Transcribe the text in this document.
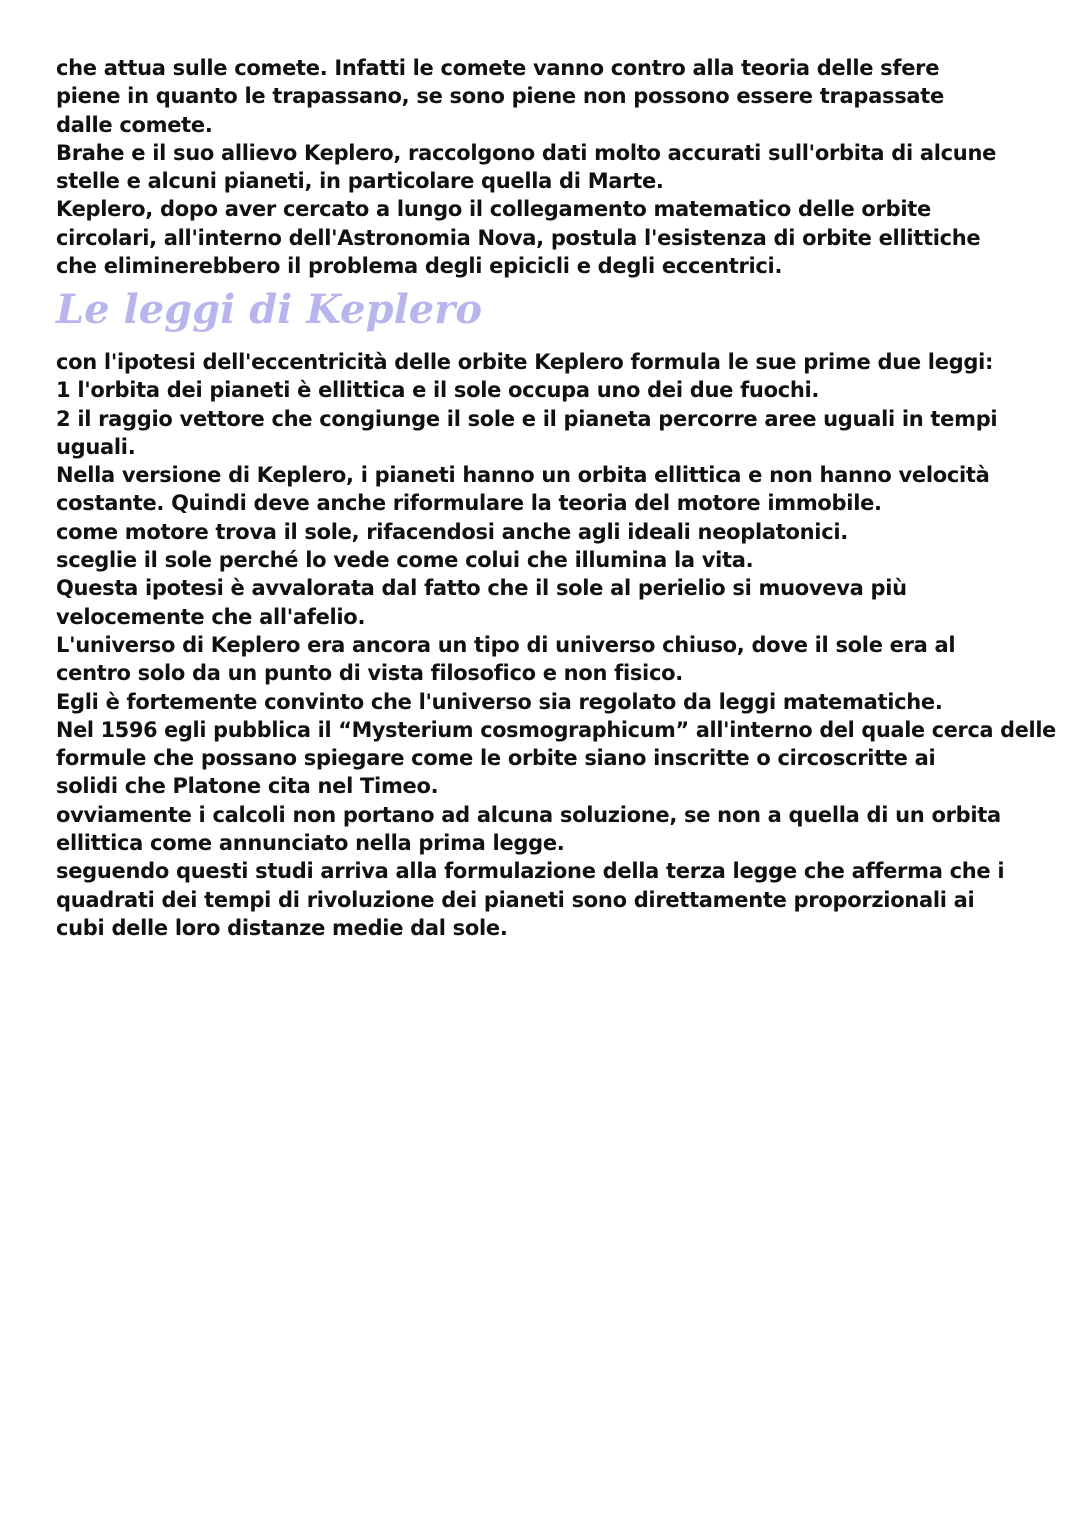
che attua sulle comete. Infatti le comete vanno contro alla teoria delle sfere
piene in quanto le trapassano, se sono piene non possono essere trapassate
dalle comete.
Brahe e il suo allievo Keplero, raccolgono dati molto accurati sull'orbita di alcune
stelle e alcuni pianeti, in particolare quella di Marte.
Keplero, dopo aver cercato a lungo il collegamento matematico delle orbite
circolari, all'interno dell'Astronomia Nova, postula l'esistenza di orbite ellittiche
che eliminerebbero il problema degli epicicli e degli eccentrici.

Le leggi di Keplero

con l'ipotesi dell'eccentricità delle orbite Keplero formula le sue prime due leggi:
1 l'orbita dei pianeti è ellittica e il sole occupa uno dei due fuochi.
2 il raggio vettore che congiunge il sole e il pianeta percorre aree uguali in tempi
uguali.
Nella versione di Keplero, i pianeti hanno un orbita ellittica e non hanno velocità
costante. Quindi deve anche riformulare la teoria del motore immobile.
come motore trova il sole, rifacendosi anche agli ideali neoplatonici.
sceglie il sole perché lo vede come colui che illumina la vita.
Questa ipotesi è avvalorata dal fatto che il sole al perielio si muoveva più
velocemente che all'afelio.
L'universo di Keplero era ancora un tipo di universo chiuso, dove il sole era al
centro solo da un punto di vista filosofico e non fisico.
Egli è fortemente convinto che l'universo sia regolato da leggi matematiche.
Nel 1596 egli pubblica il “Mysterium cosmographicum” all'interno del quale cerca delle
formule che possano spiegare come le orbite siano inscritte o circoscritte ai
solidi che Platone cita nel Timeo.
ovviamente i calcoli non portano ad alcuna soluzione, se non a quella di un orbita
ellittica come annunciato nella prima legge.
seguendo questi studi arriva alla formulazione della terza legge che afferma che i
quadrati dei tempi di rivoluzione dei pianeti sono direttamente proporzionali ai
cubi delle loro distanze medie dal sole.
